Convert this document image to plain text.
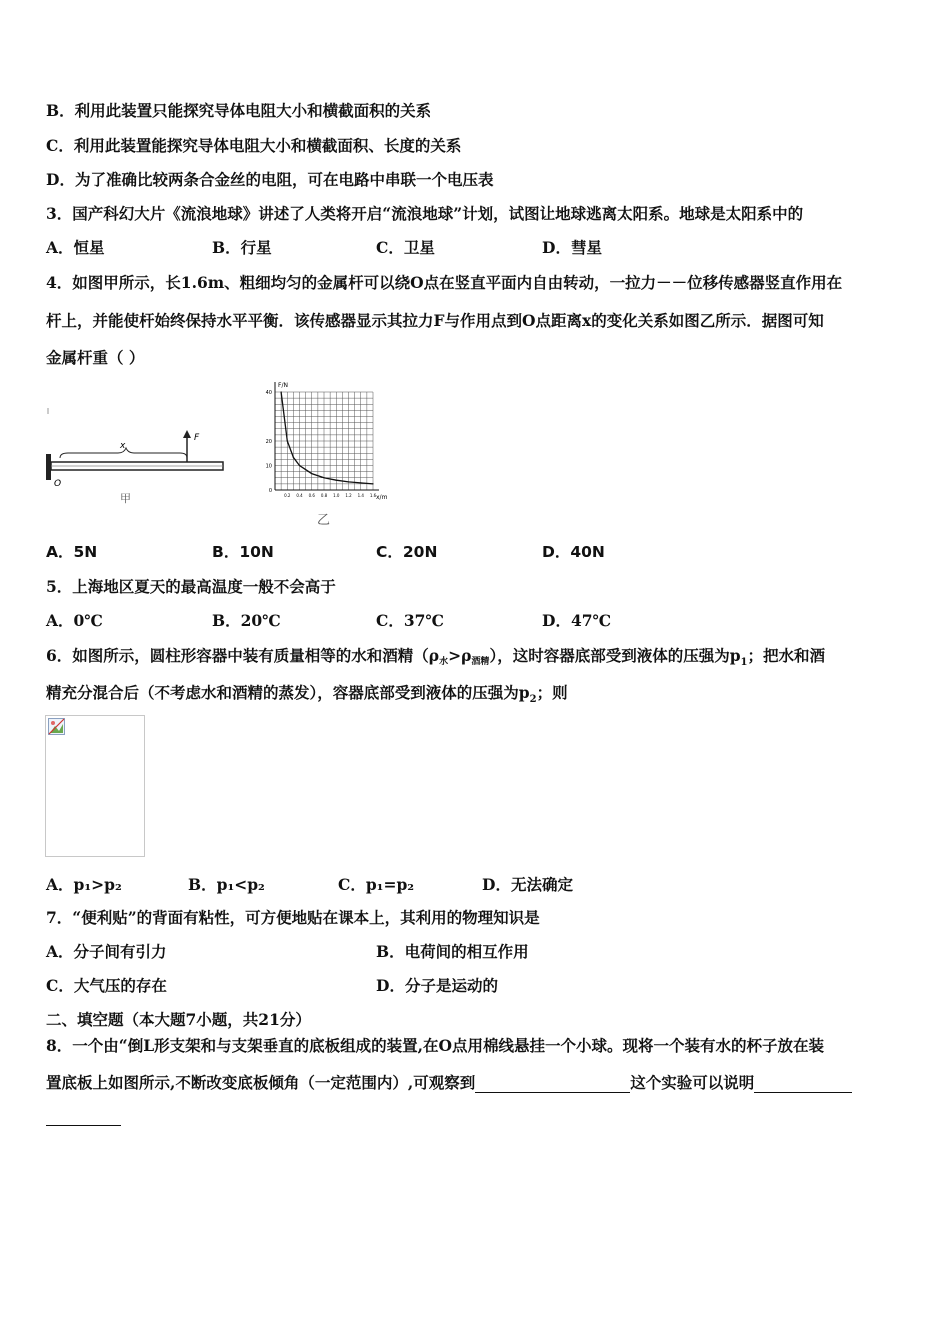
B．利用此装置只能探究导体电阻大小和横截面积的关系
C．利用此装置能探究导体电阻大小和横截面积、长度的关系
D．为了准确比较两条合金丝的电阻，可在电路中串联一个电压表
3．国产科幻大片《流浪地球》讲述了人类将开启“流浪地球”计划，试图让地球逃离太阳系。地球是太阳系中的
A．恒星	B．行星	C．卫星	D．彗星
4．如图甲所示，长1.6m、粗细均匀的金属杆可以绕O点在竖直平面内自由转动，一拉力－－位移传感器竖直作用在
杆上，并能使杆始终保持水平平衡．该传感器显示其拉力F与作用点到O点距离x的变化关系如图乙所示．据图可知
金属杆重（ ）
x
F
O
甲
40
20
10
0
0.2 0.4 0.6 0.8 1.0 1.2 1.4 1.6
F/N
x/m
乙
A．5N	B．10N	C．20N	D．40N
5．上海地区夏天的最高温度一般不会高于
A．0℃	B．20℃	C．37℃	D．47℃
6．如图所示，圆柱形容器中装有质量相等的水和酒精（ρ水>ρ酒精），这时容器底部受到液体的压强为$p_1$；把水和酒
精充分混合后（不考虑水和酒精的蒸发），容器底部受到液体的压强为$p_2$；则
A．p₁>p₂	B．p₁<p₂	C．p₁=p₂	D．无法确定
7．“便利贴”的背面有粘性，可方便地贴在课本上，其利用的物理知识是
A．分子间有引力	B．电荷间的相互作用
C．大气压的存在	D．分子是运动的
二、填空题（本大题7小题，共21分）
8．一个由“倒L形支架和与支架垂直的底板组成的装置,在O点用棉线悬挂一个小球。现将一个装有水的杯子放在装
置底板上如图所示,不断改变底板倾角（一定范围内）,可观察到	这个实验可以说明
